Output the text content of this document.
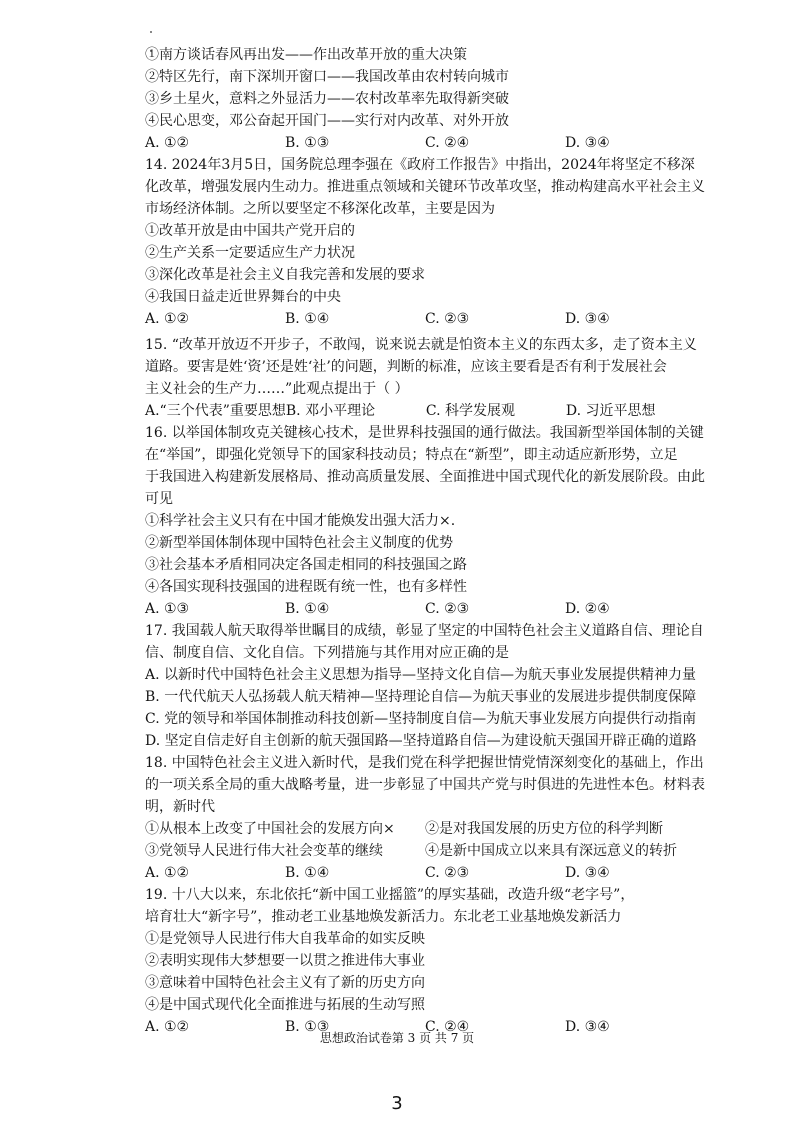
①南方谈话春风再出发——作出改革开放的重大决策
②特区先行，南下深圳开窗口——我国改革由农村转向城市
③乡土星火，意料之外显活力——农村改革率先取得新突破
④民心思变，邓公奋起开国门——实行对内改革、对外开放
A. ①②	B. ①③	C. ②④	D. ③④
14. 2024年3月5日，国务院总理李强在《政府工作报告》中指出，2024年将坚定不移深
化改革，增强发展内生动力。推进重点领域和关键环节改革攻坚，推动构建高水平社会主义
市场经济体制。之所以要坚定不移深化改革，主要是因为
①改革开放是由中国共产党开启的
②生产关系一定要适应生产力状况
③深化改革是社会主义自我完善和发展的要求
④我国日益走近世界舞台的中央
A. ①②	B. ①④	C. ②③	D. ③④
15. “改革开放迈不开步子，不敢闯，说来说去就是怕资本主义的东西太多，走了资本主义
道路。要害是姓‘资’还是姓‘社’的问题，判断的标准，应该主要看是否有利于发展社会
主义社会的生产力……”此观点提出于（ ）
A.“三个代表”重要思想 B. 邓小平理论	C. 科学发展观	D. 习近平思想
16. 以举国体制攻克关键核心技术，是世界科技强国的通行做法。我国新型举国体制的关键
在“举国”，即强化党领导下的国家科技动员；特点在“新型”，即主动适应新形势，立足
于我国进入构建新发展格局、推动高质量发展、全面推进中国式现代化的新发展阶段。由此
可见
①科学社会主义只有在中国才能焕发出强大活力×.
②新型举国体制体现中国特色社会主义制度的优势
③社会基本矛盾相同决定各国走相同的科技强国之路
④各国实现科技强国的进程既有统一性，也有多样性
A. ①③	B. ①④	C. ②③	D. ②④
17. 我国载人航天取得举世瞩目的成绩，彰显了坚定的中国特色社会主义道路自信、理论自
信、制度自信、文化自信。下列措施与其作用对应正确的是
A. 以新时代中国特色社会主义思想为指导—坚持文化自信—为航天事业发展提供精神力量
B. 一代代航天人弘扬载人航天精神—坚持理论自信—为航天事业的发展进步提供制度保障
C. 党的领导和举国体制推动科技创新—坚持制度自信—为航天事业发展方向提供行动指南
D. 坚定自信走好自主创新的航天强国路—坚持道路自信—为建设航天强国开辟正确的道路
18. 中国特色社会主义进入新时代，是我们党在科学把握世情党情深刻变化的基础上，作出
的一项关系全局的重大战略考量，进一步彰显了中国共产党与时俱进的先进性本色。材料表
明，新时代
①从根本上改变了中国社会的发展方向×	②是对我国发展的历史方位的科学判断
③党领导人民进行伟大社会变革的继续	④是新中国成立以来具有深远意义的转折
A. ①②	B. ①④	C. ②③	D. ③④
19. 十八大以来，东北依托“新中国工业摇篮”的厚实基础，改造升级“老字号”，
培育壮大“新字号”，推动老工业基地焕发新活力。东北老工业基地焕发新活力
①是党领导人民进行伟大自我革命的如实反映
②表明实现伟大梦想要一以贯之推进伟大事业
③意味着中国特色社会主义有了新的历史方向
④是中国式现代化全面推进与拓展的生动写照
A. ①②	B. ①③	C. ②④	D. ③④
思想政治试卷第 3 页 共 7 页
3
